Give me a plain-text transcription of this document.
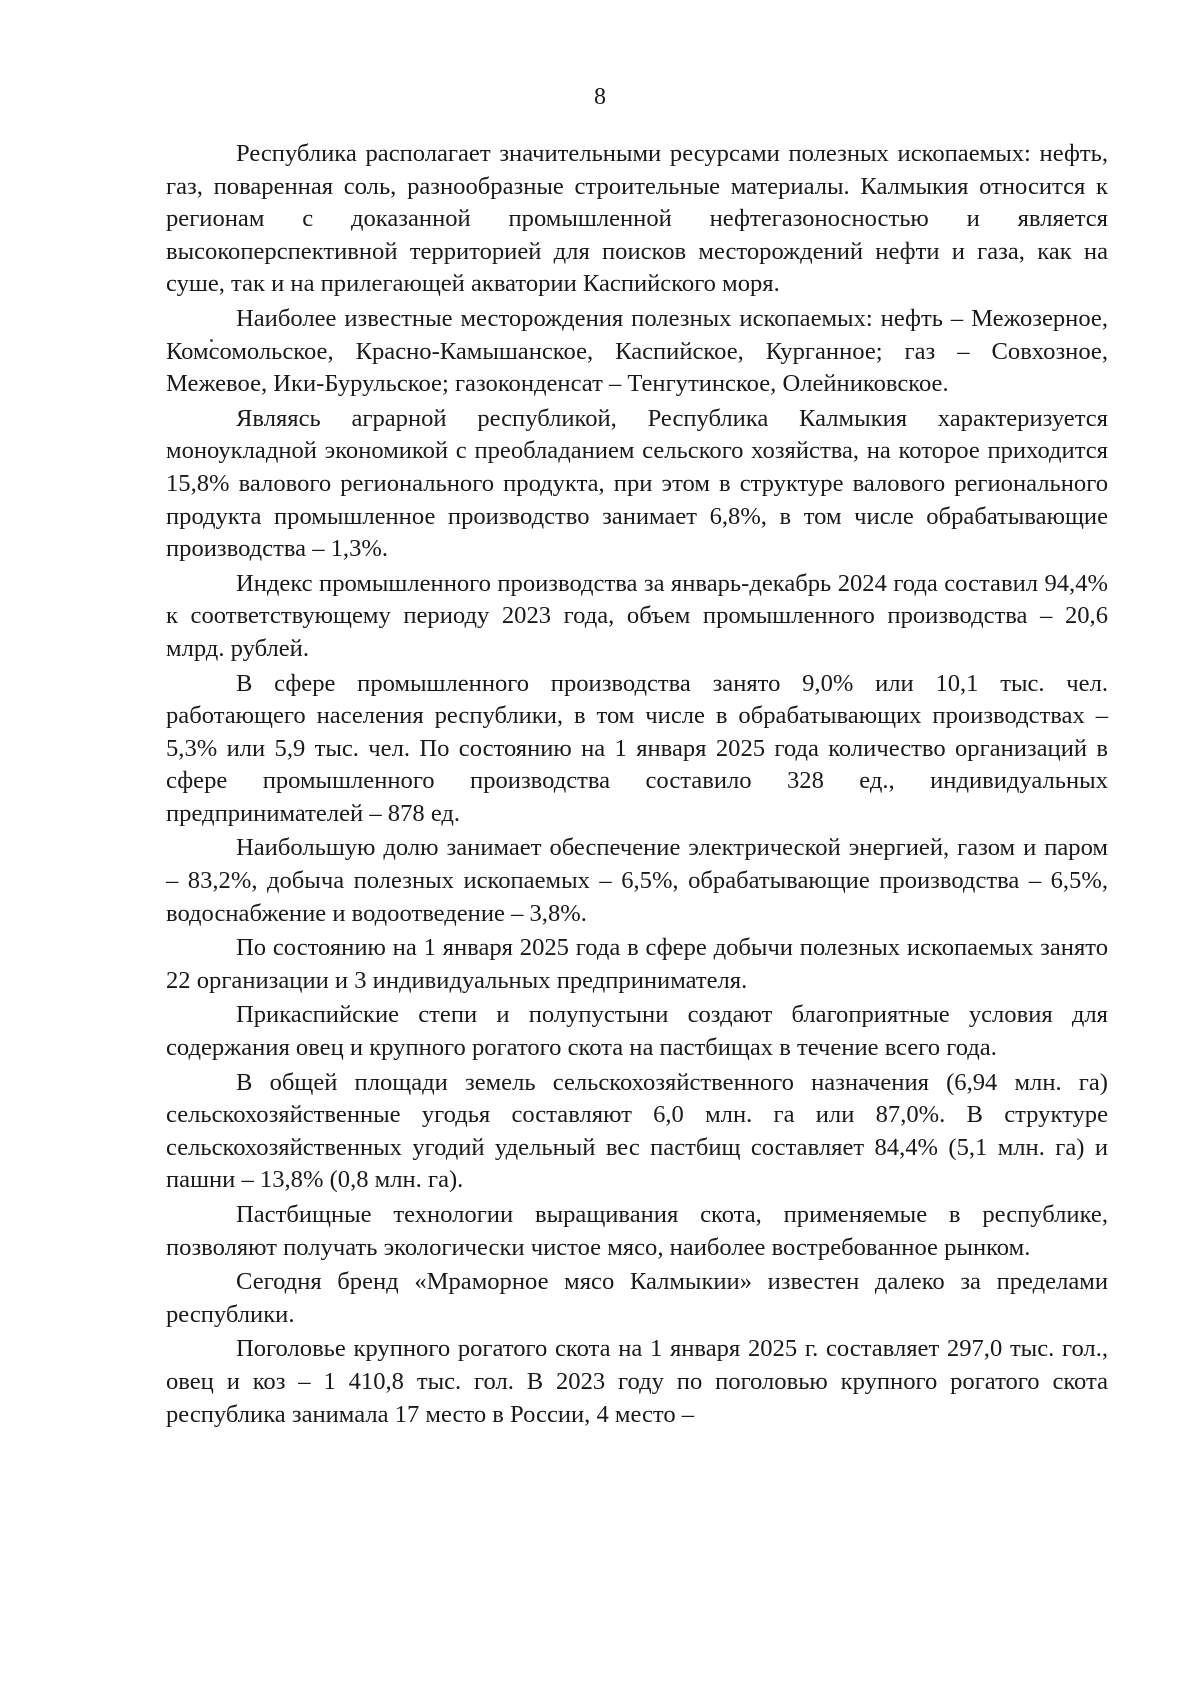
8

Республика располагает значительными ресурсами полезных ископаемых: нефть, газ, поваренная соль, разнообразные строительные материалы. Калмыкия относится к регионам с доказанной промышленной нефтегазоносностью и является высокоперспективной территорией для поисков месторождений нефти и газа, как на суше, так и на прилегающей акватории Каспийского моря.

Наиболее известные месторождения полезных ископаемых: нефть – Межозерное, Комсомольское, Красно-Камышанское, Каспийское, Курганное; газ – Совхозное, Межевое, Ики-Бурульское; газоконденсат – Тенгутинское, Олейниковское.

Являясь аграрной республикой, Республика Калмыкия характеризуется моноукладной экономикой с преобладанием сельского хозяйства, на которое приходится 15,8% валового регионального продукта, при этом в структуре валового регионального продукта промышленное производство занимает 6,8%, в том числе обрабатывающие производства – 1,3%.

Индекс промышленного производства за январь-декабрь 2024 года составил 94,4% к соответствующему периоду 2023 года, объем промышленного производства – 20,6 млрд. рублей.

В сфере промышленного производства занято 9,0% или 10,1 тыс. чел. работающего населения республики, в том числе в обрабатывающих производствах – 5,3% или 5,9 тыс. чел. По состоянию на 1 января 2025 года количество организаций в сфере промышленного производства составило 328 ед., индивидуальных предпринимателей – 878 ед.

Наибольшую долю занимает обеспечение электрической энергией, газом и паром – 83,2%, добыча полезных ископаемых – 6,5%, обрабатывающие производства – 6,5%, водоснабжение и водоотведение – 3,8%.

По состоянию на 1 января 2025 года в сфере добычи полезных ископаемых занято 22 организации и 3 индивидуальных предпринимателя.

Прикаспийские степи и полупустыни создают благоприятные условия для содержания овец и крупного рогатого скота на пастбищах в течение всего года.

В общей площади земель сельскохозяйственного назначения (6,94 млн. га) сельскохозяйственные угодья составляют 6,0 млн. га или 87,0%. В структуре сельскохозяйственных угодий удельный вес пастбищ составляет 84,4% (5,1 млн. га) и пашни – 13,8% (0,8 млн. га).

Пастбищные технологии выращивания скота, применяемые в республике, позволяют получать экологически чистое мясо, наиболее востребованное рынком.

Сегодня бренд «Мраморное мясо Калмыкии» известен далеко за пределами республики.

Поголовье крупного рогатого скота на 1 января 2025 г. составляет 297,0 тыс. гол., овец и коз – 1 410,8 тыс. гол. В 2023 году по поголовью крупного рогатого скота республика занимала 17 место в России, 4 место –
